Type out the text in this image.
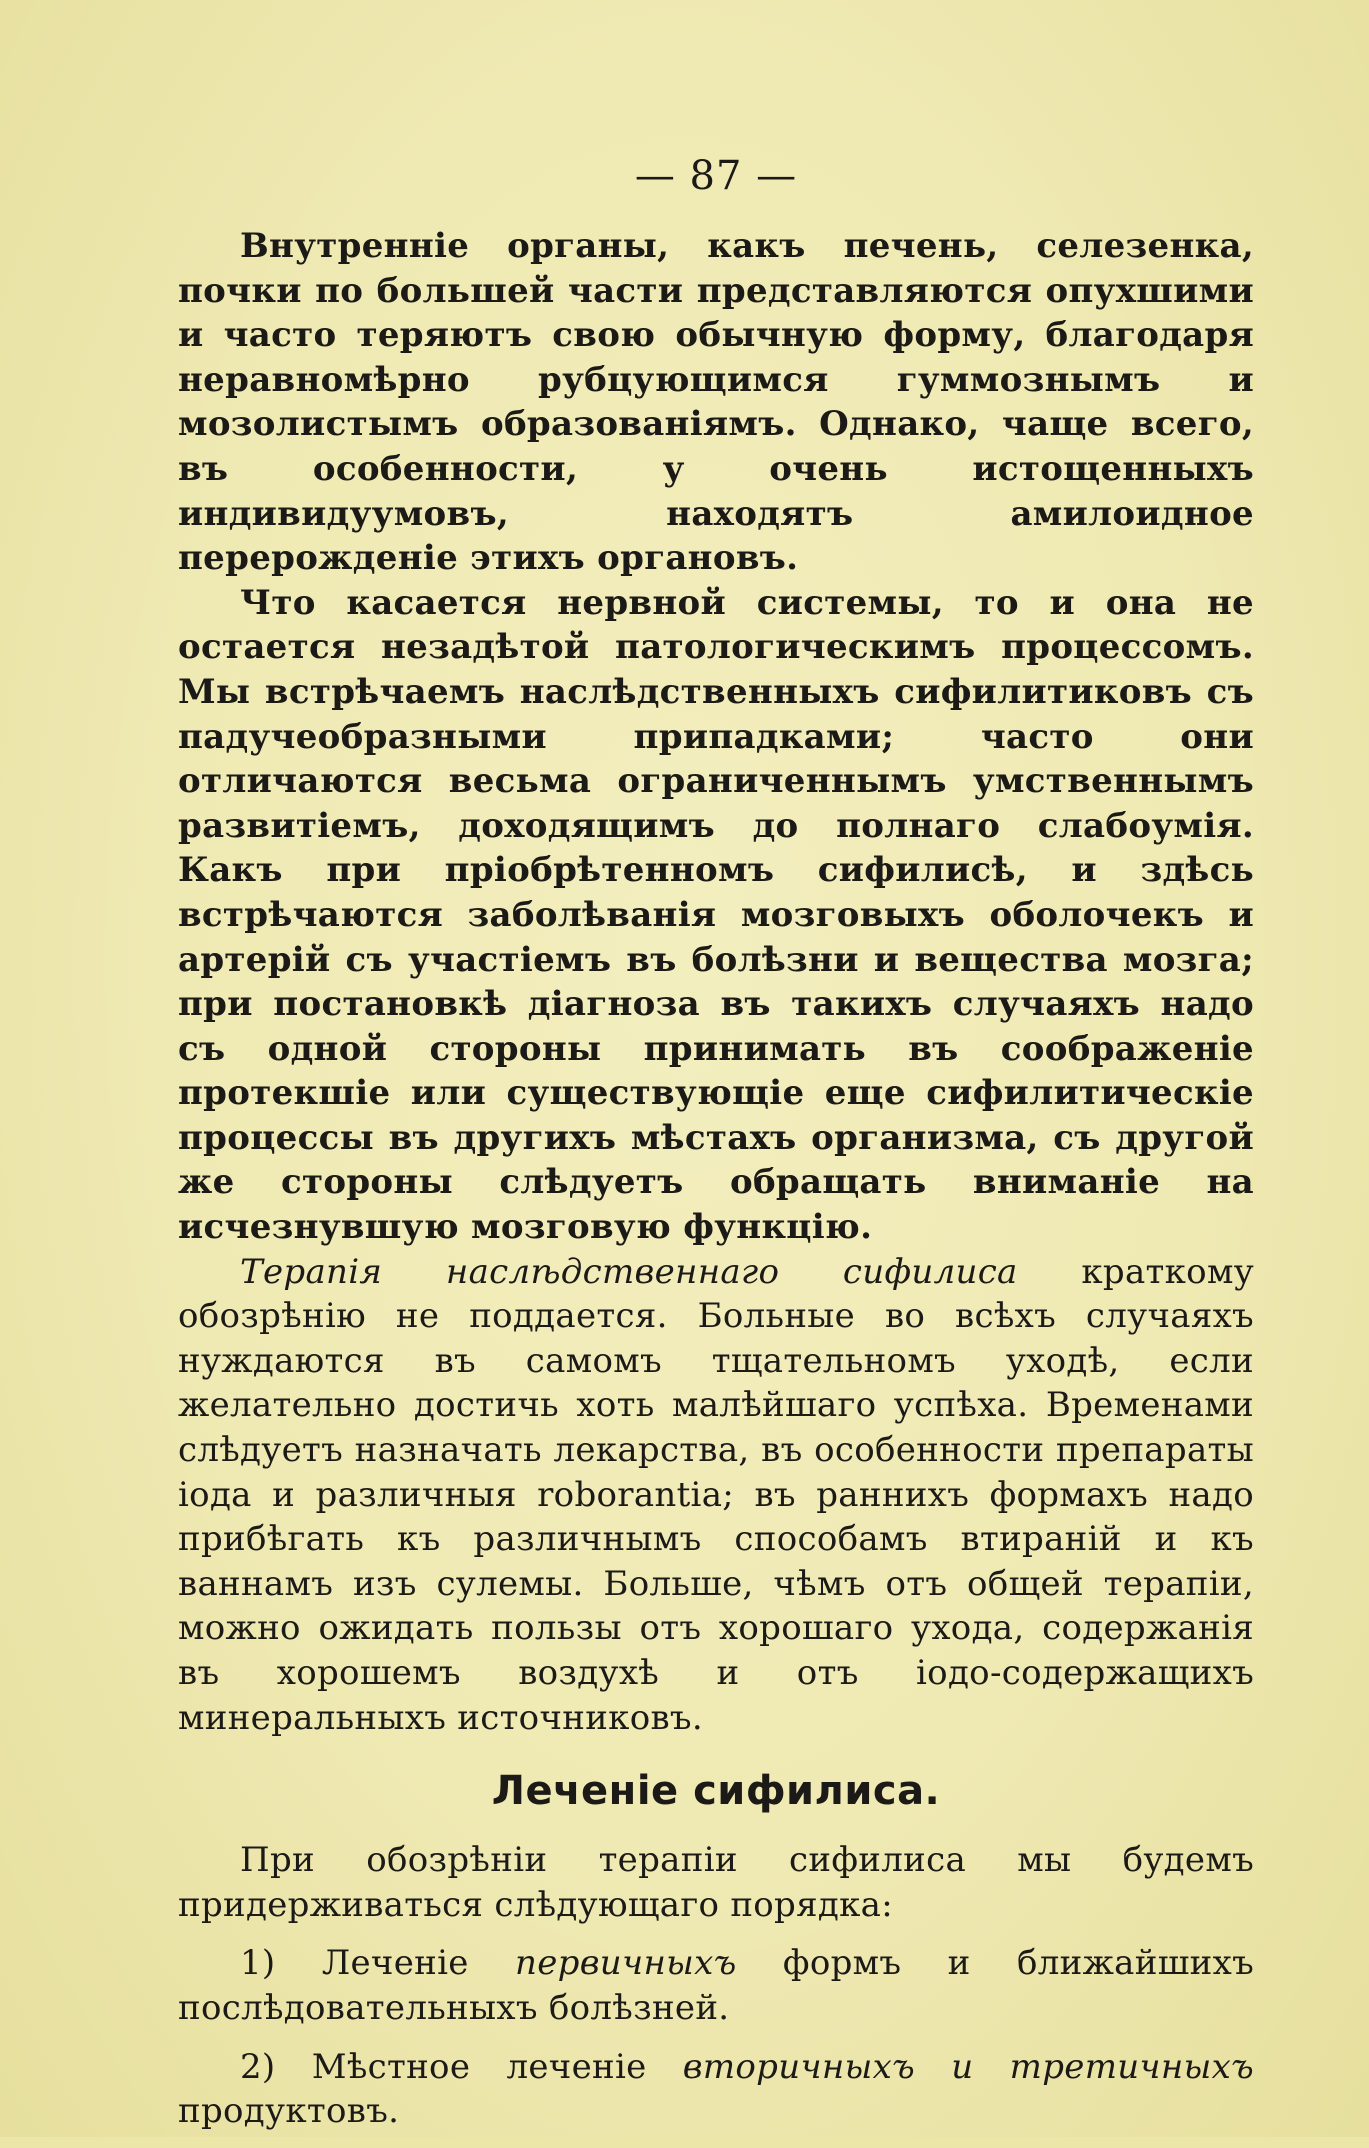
— 87 —

Внутренніе органы, какъ печень, селезенка, почки по большей части представляются опухшими и часто теряютъ свою обычную форму, благодаря неравномѣрно рубцующимся гуммознымъ и мозолистымъ образованіямъ. Однако, чаще всего, въ особенности, у очень истощенныхъ индивидуумовъ, находятъ амилоидное перерожденіе этихъ органовъ.

Что касается нервной системы, то и она не остается незадѣтой патологическимъ процессомъ. Мы встрѣчаемъ наслѣдственныхъ сифилитиковъ съ падучеобразными припадками; часто они отличаются весьма ограниченнымъ умственнымъ развитіемъ, доходящимъ до полнаго слабоумія. Какъ при пріобрѣтенномъ сифилисѣ, и здѣсь встрѣчаются заболѣванія мозговыхъ оболочекъ и артерій съ участіемъ въ болѣзни и вещества мозга; при постановкѣ діагноза въ такихъ случаяхъ надо съ одной стороны принимать въ соображеніе протекшіе или существующіе еще сифилитическіе процессы въ другихъ мѣстахъ организма, съ другой же стороны слѣдуетъ обращать вниманіе на исчезнувшую мозговую функцію.

Терапія наслѣдственнаго сифилиса краткому обозрѣнію не поддается. Больные во всѣхъ случаяхъ нуждаются въ самомъ тщательномъ уходѣ, если желательно достичь хоть малѣйшаго успѣха. Временами слѣдуетъ назначать лекарства, въ особенности препараты іода и различныя roborantia; въ раннихъ формахъ надо прибѣгать къ различнымъ способамъ втираній и къ ваннамъ изъ сулемы. Больше, чѣмъ отъ общей терапіи, можно ожидать пользы отъ хорошаго ухода, содержанія въ хорошемъ воздухѣ и отъ іодо-содержащихъ минеральныхъ источниковъ.

Леченіе сифилиса.

При обозрѣніи терапіи сифилиса мы будемъ придерживаться слѣдующаго порядка:

1) Леченіе первичныхъ формъ и ближайшихъ послѣдовательныхъ болѣзней.

2) Мѣстное леченіе вторичныхъ и третичныхъ продуктовъ.
